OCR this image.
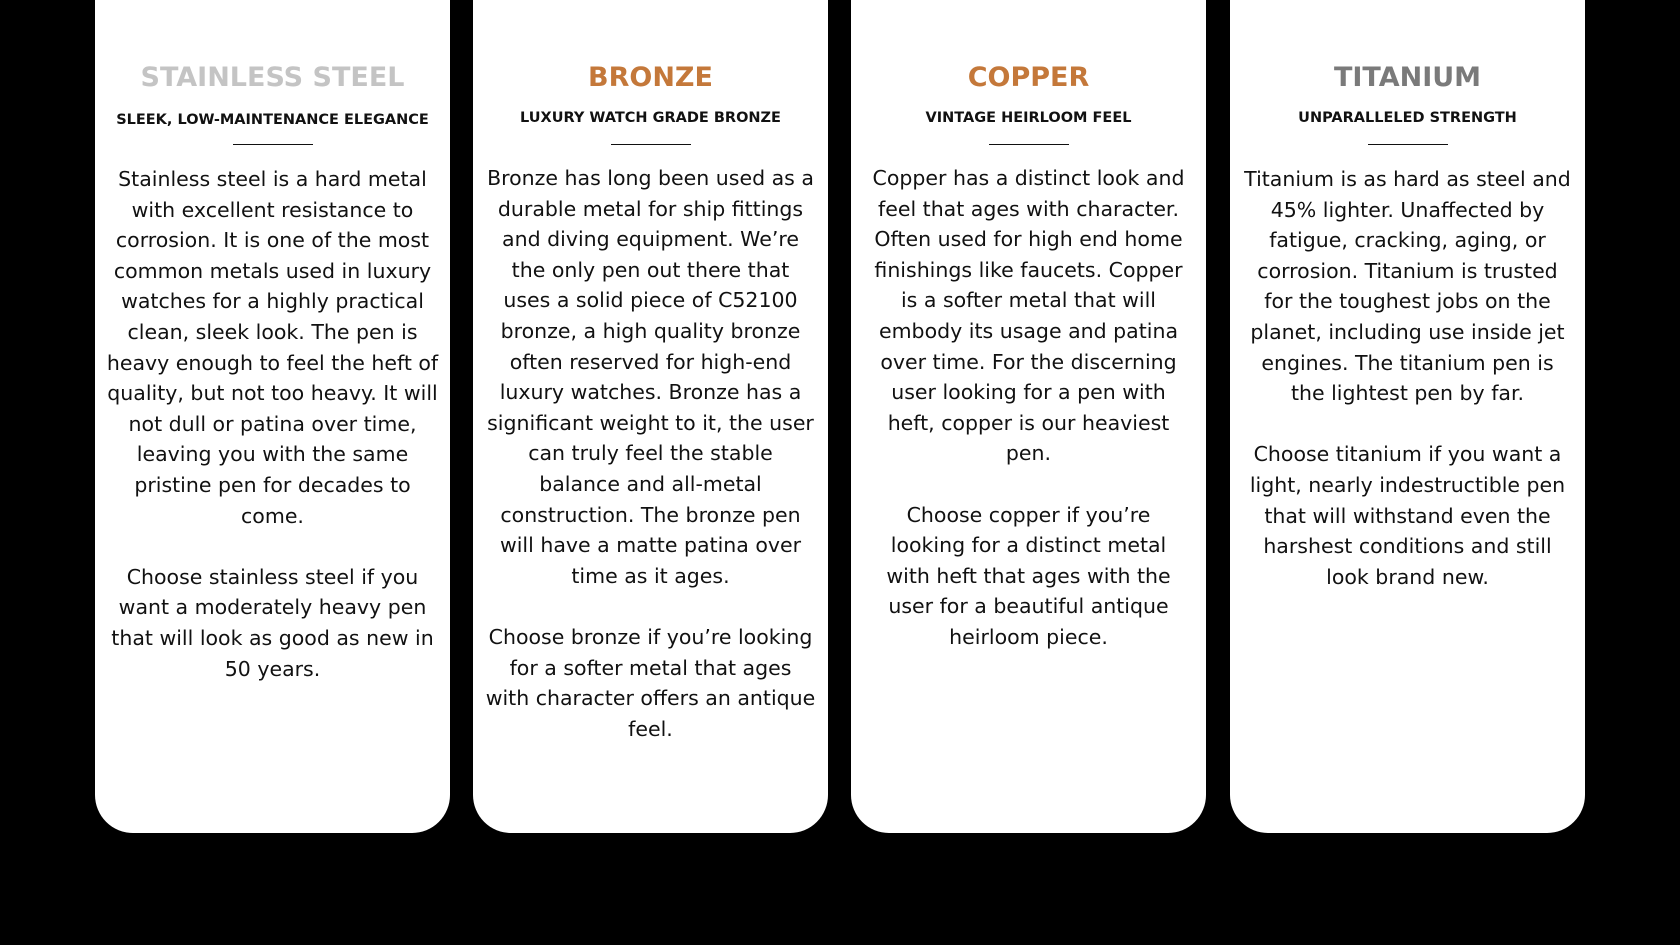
STAINLESS STEEL
SLEEK, LOW-MAINTENANCE ELEGANCE

Stainless steel is a hard metal with excellent resistance to corrosion. It is one of the most common metals used in luxury watches for a highly practical clean, sleek look. The pen is heavy enough to feel the heft of quality, but not too heavy. It will not dull or patina over time, leaving you with the same pristine pen for decades to come.

Choose stainless steel if you want a moderately heavy pen that will look as good as new in 50 years.

BRONZE
LUXURY WATCH GRADE BRONZE

Bronze has long been used as a durable metal for ship fittings and diving equipment. We’re the only pen out there that uses a solid piece of C52100 bronze, a high quality bronze often reserved for high-end luxury watches. Bronze has a significant weight to it, the user can truly feel the stable balance and all-metal construction. The bronze pen will have a matte patina over time as it ages.

Choose bronze if you’re looking for a softer metal that ages with character offers an antique feel.

COPPER
VINTAGE HEIRLOOM FEEL

Copper has a distinct look and feel that ages with character. Often used for high end home finishings like faucets. Copper is a softer metal that will embody its usage and patina over time. For the discerning user looking for a pen with heft, copper is our heaviest pen.

Choose copper if you’re looking for a distinct metal with heft that ages with the user for a beautiful antique heirloom piece.

TITANIUM
UNPARALLELED STRENGTH

Titanium is as hard as steel and 45% lighter. Unaffected by fatigue, cracking, aging, or corrosion. Titanium is trusted for the toughest jobs on the planet, including use inside jet engines. The titanium pen is the lightest pen by far.

Choose titanium if you want a light, nearly indestructible pen that will withstand even the harshest conditions and still look brand new.
